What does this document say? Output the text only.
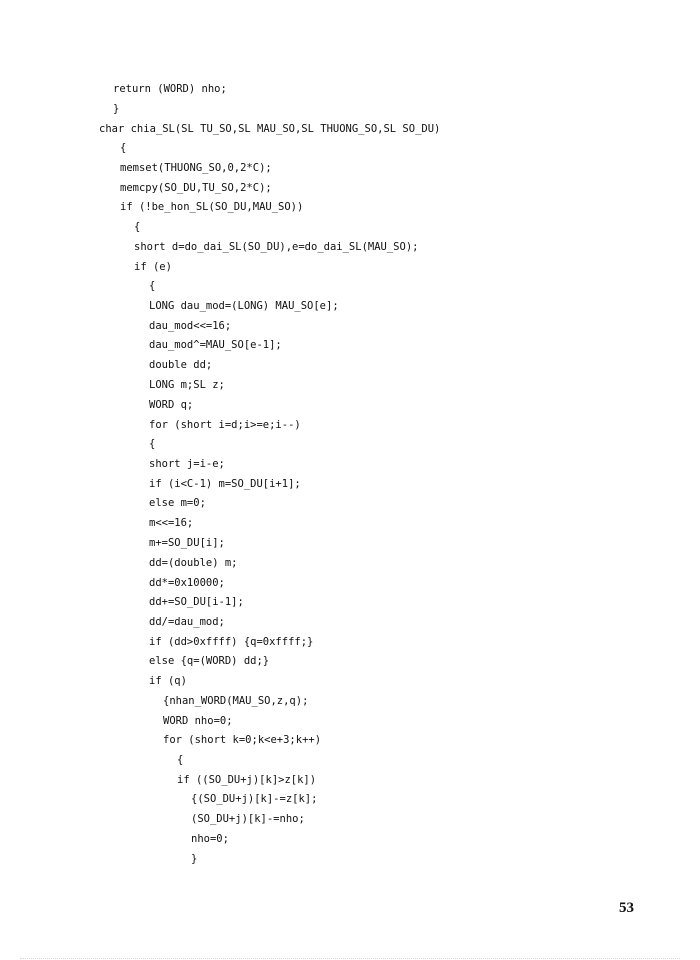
return (WORD) nho;
}
char chia_SL(SL TU_SO,SL MAU_SO,SL THUONG_SO,SL SO_DU)
{
memset(THUONG_SO,0,2*C);
memcpy(SO_DU,TU_SO,2*C);
if (!be_hon_SL(SO_DU,MAU_SO))
{
short d=do_dai_SL(SO_DU),e=do_dai_SL(MAU_SO);
if (e)
{
LONG dau_mod=(LONG) MAU_SO[e];
dau_mod<<=16;
dau_mod^=MAU_SO[e-1];
double dd;
LONG m;SL z;
WORD q;
for (short i=d;i>=e;i--)
{
short j=i-e;
if (i<C-1) m=SO_DU[i+1];
else m=0;
m<<=16;
m+=SO_DU[i];
dd=(double) m;
dd*=0x10000;
dd+=SO_DU[i-1];
dd/=dau_mod;
if (dd>0xffff) {q=0xffff;}
else {q=(WORD) dd;}
if (q)
{nhan_WORD(MAU_SO,z,q);
WORD nho=0;
for (short k=0;k<e+3;k++)
{
if ((SO_DU+j)[k]>z[k])
{(SO_DU+j)[k]-=z[k];
(SO_DU+j)[k]-=nho;
nho=0;
}
53
